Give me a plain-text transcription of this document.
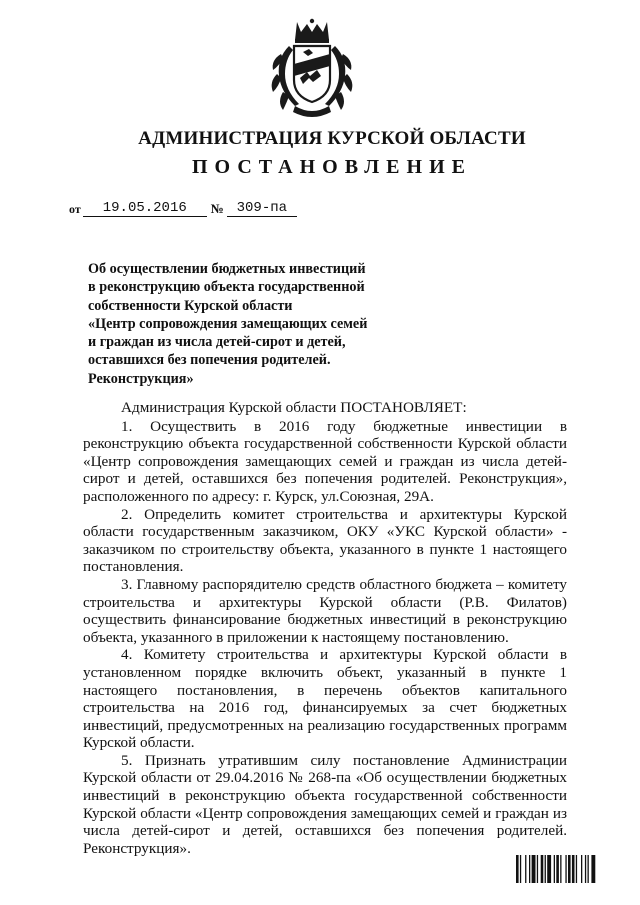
АДМИНИСТРАЦИЯ КУРСКОЙ ОБЛАСТИ
ПОСТАНОВЛЕНИЕ
от	19.05.2016	№ 309-па
Об осуществлении бюджетных инвестиций
в реконструкцию объекта государственной
собственности Курской области
«Центр сопровождения замещающих семей
и граждан из числа детей-сирот и детей,
оставшихся без попечения родителей.
Реконструкция»

Администрация Курской области ПОСТАНОВЛЯЕТ:

1. Осуществить в 2016 году бюджетные инвестиции в реконструкцию объекта государственной собственности Курской области «Центр сопровождения замещающих семей и граждан из числа детей-сирот и детей, оставшихся без попечения родителей. Реконструкция», расположенного по адресу: г. Курск, ул.Союзная, 29А.

2. Определить комитет строительства и архитектуры Курской области государственным заказчиком, ОКУ «УКС Курской области» - заказчиком по строительству объекта, указанного в пункте 1 настоящего постановления.

3. Главному распорядителю средств областного бюджета – комитету строительства и архитектуры Курской области (Р.В. Филатов) осуществить финансирование бюджетных инвестиций в реконструкцию объекта, указанного в приложении к настоящему постановлению.

4. Комитету строительства и архитектуры Курской области в установленном порядке включить объект, указанный в пункте 1 настоящего постановления, в перечень объектов капитального строительства на 2016 год, финансируемых за счет бюджетных инвестиций, предусмотренных на реализацию государственных программ Курской области.

5. Признать утратившим силу постановление Администрации Курской области от 29.04.2016 № 268-па «Об осуществлении бюджетных инвестиций в реконструкцию объекта государственной собственности Курской области «Центр сопровождения замещающих семей и граждан из числа детей-сирот и детей, оставшихся без попечения родителей. Реконструкция».
